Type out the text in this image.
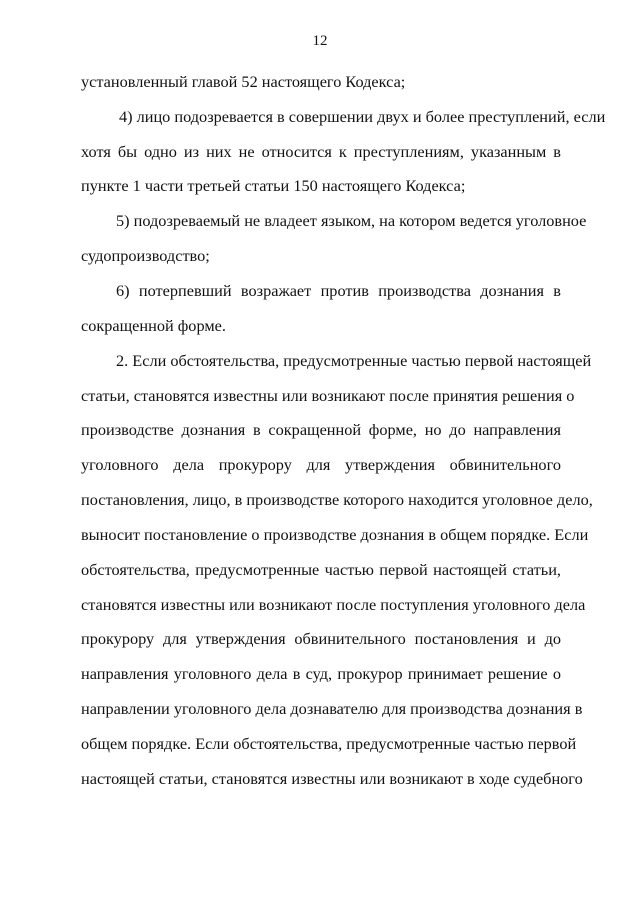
12
установленный главой 52 настоящего Кодекса;
4) лицо подозревается в совершении двух и более преступлений, если
хотя бы одно из них не относится к преступлениям, указанным в
пункте 1 части третьей статьи 150 настоящего Кодекса;
5) подозреваемый не владеет языком, на котором ведется уголовное
судопроизводство;
6) потерпевший возражает против производства дознания в
сокращенной форме.
2. Если обстоятельства, предусмотренные частью первой настоящей
статьи, становятся известны или возникают после принятия решения о
производстве дознания в сокращенной форме, но до направления
уголовного дела прокурору для утверждения обвинительного
постановления, лицо, в производстве которого находится уголовное дело,
выносит постановление о производстве дознания в общем порядке. Если
обстоятельства, предусмотренные частью первой настоящей статьи,
становятся известны или возникают после поступления уголовного дела
прокурору для утверждения обвинительного постановления и до
направления уголовного дела в суд, прокурор принимает решение о
направлении уголовного дела дознавателю для производства дознания в
общем порядке. Если обстоятельства, предусмотренные частью первой
настоящей статьи, становятся известны или возникают в ходе судебного
